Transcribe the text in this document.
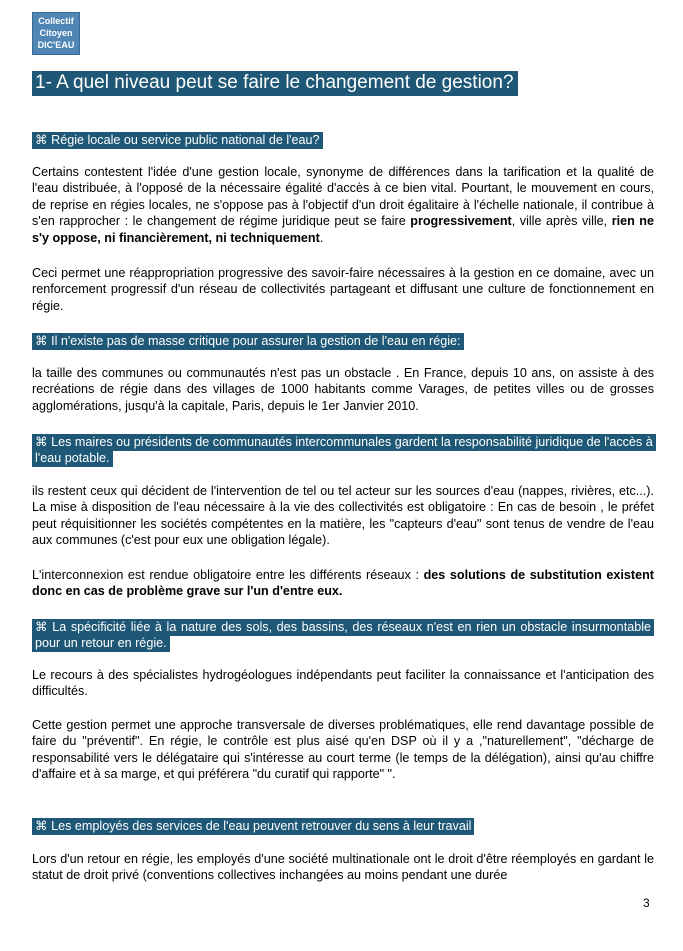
Collectif
Citoyen
DIC'EAU
1- A quel niveau peut se faire le changement de gestion?
⌘ Régie locale ou service public national de l'eau?
Certains contestent l'idée d'une gestion locale, synonyme de différences dans la tarification et la qualité de l'eau distribuée, à l'opposé de la nécessaire égalité d'accès à ce bien vital. Pourtant, le mouvement en cours, de reprise en régies locales, ne s'oppose pas à l'objectif d'un droit égalitaire à l'échelle nationale, il contribue à s'en rapprocher : le changement de régime juridique peut se faire progressivement, ville après ville, rien ne s'y oppose, ni financièrement, ni techniquement.
Ceci permet une réappropriation progressive des savoir-faire nécessaires à la gestion en ce domaine, avec un renforcement progressif d'un réseau de collectivités partageant et diffusant une culture de fonctionnement en régie.
⌘ Il n'existe pas de masse critique pour assurer la gestion de l'eau en régie:
la taille des communes ou communautés n'est pas un obstacle . En France, depuis 10 ans, on assiste à des recréations de régie dans des villages de 1000 habitants comme Varages, de petites villes ou de grosses agglomérations, jusqu'à la capitale, Paris, depuis le 1er Janvier 2010.
⌘ Les maires ou présidents de communautés intercommunales gardent la responsabilité juridique de l'accès à l'eau potable.
ils restent ceux qui décident de l'intervention de tel ou tel acteur sur les sources d'eau (nappes, rivières, etc...). La mise à disposition de l'eau nécessaire à la vie des collectivités est obligatoire : En cas de besoin , le préfet peut réquisitionner les sociétés compétentes en la matière, les "capteurs d'eau" sont tenus de vendre de l'eau aux communes (c'est pour eux une obligation légale).
L'interconnexion est rendue obligatoire entre les différents réseaux : des solutions de substitution existent donc en cas de problème grave sur l'un d'entre eux.
⌘ La spécificité liée à la nature des sols, des bassins, des réseaux n'est en rien un obstacle insurmontable pour un retour en régie.
Le recours à des spécialistes hydrogéologues indépendants peut faciliter la connaissance et l'anticipation des difficultés.
Cette gestion permet une approche transversale de diverses problématiques, elle rend davantage possible de faire du "préventif". En régie, le contrôle est plus aisé qu'en DSP où il y a ,"naturellement", "décharge de responsabilité vers le délégataire qui s'intéresse au court terme (le temps de la délégation), ainsi qu'au chiffre d'affaire et à sa marge, et qui préférera "du curatif qui rapporte" ".
⌘ Les employés des services de l'eau peuvent retrouver du sens à leur travail
Lors d'un retour en régie, les employés d'une société multinationale ont le droit d'être réemployés en gardant le statut de droit privé (conventions collectives inchangées au moins pendant une durée
3
